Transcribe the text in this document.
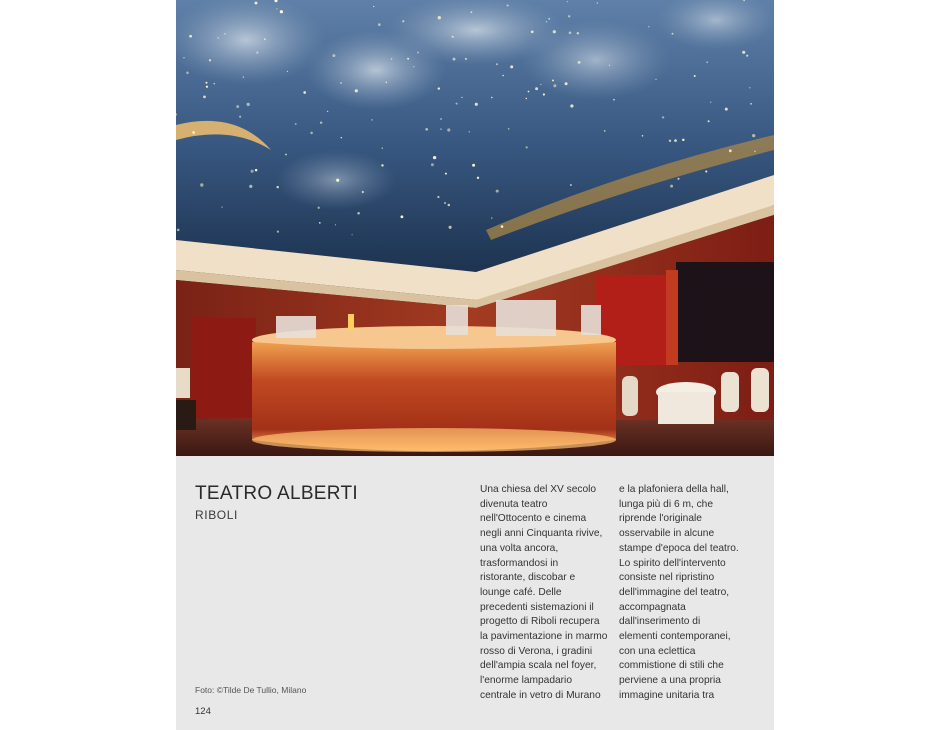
TEATRO ALBERTI
RIBOLI
Una chiesa del XV secolo
divenuta teatro
nell'Ottocento e cinema
negli anni Cinquanta rivive,
una volta ancora,
trasformandosi in
ristorante, discobar e
lounge café. Delle
precedenti sistemazioni il
progetto di Riboli recupera
la pavimentazione in marmo
rosso di Verona, i gradini
dell'ampia scala nel foyer,
l'enorme lampadario
centrale in vetro di Murano
e la plafoniera della hall,
lunga più di 6 m, che
riprende l'originale
osservabile in alcune
stampe d'epoca del teatro.
Lo spirito dell'intervento
consiste nel ripristino
dell'immagine del teatro,
accompagnata
dall'inserimento di
elementi contemporanei,
con una eclettica
commistione di stili che
perviene a una propria
immagine unitaria tra
Foto: ©Tilde De Tullio, Milano
124
